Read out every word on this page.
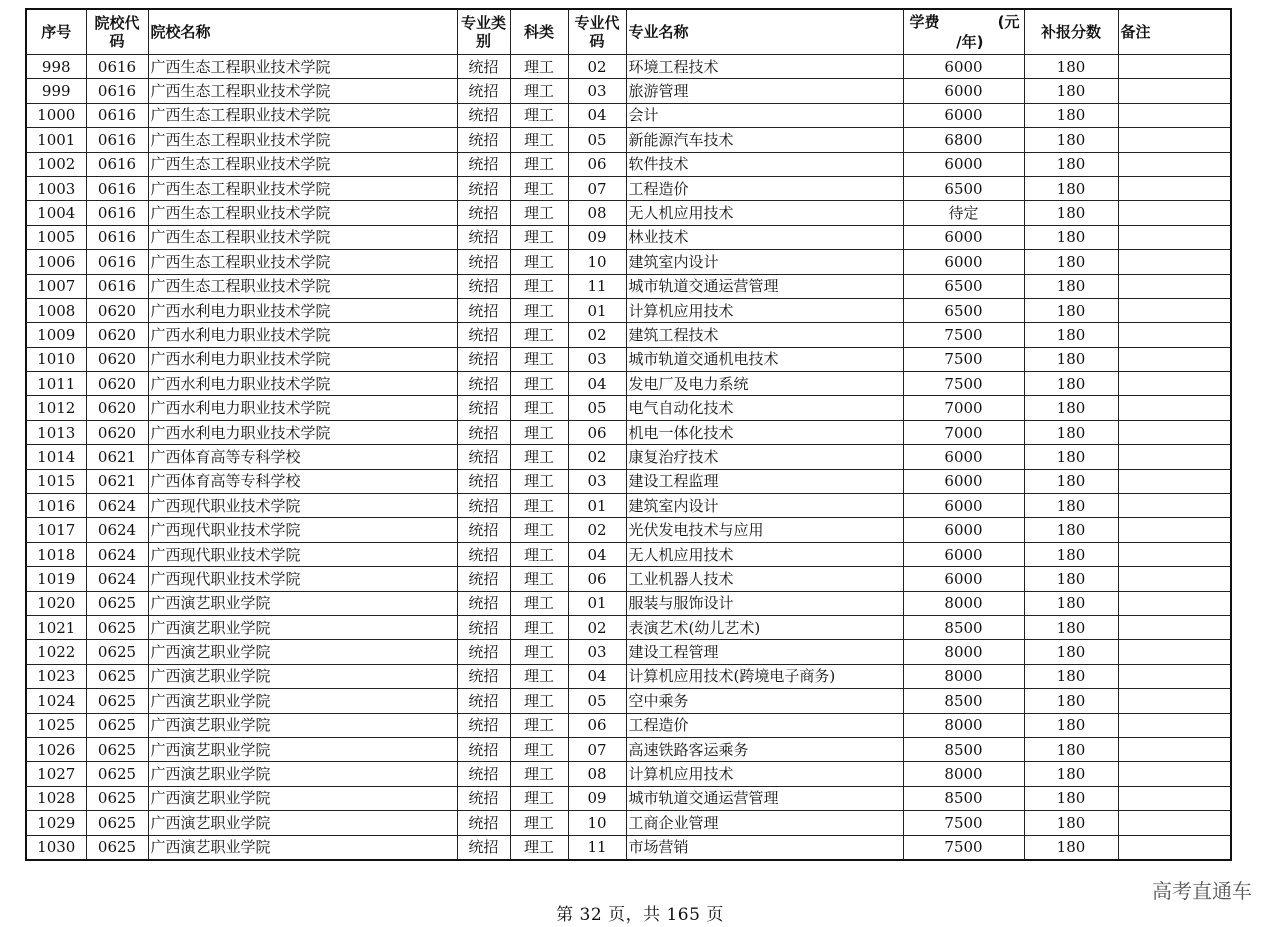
序号	院校代码	院校名称	专业类别	科类	专业代码	专业名称	学费 (元
/年)	补报分数	备注
998	0616	广西生态工程职业技术学院	统招	理工	02	环境工程技术	6000	180	
999	0616	广西生态工程职业技术学院	统招	理工	03	旅游管理	6000	180	
1000	0616	广西生态工程职业技术学院	统招	理工	04	会计	6000	180	
1001	0616	广西生态工程职业技术学院	统招	理工	05	新能源汽车技术	6800	180	
1002	0616	广西生态工程职业技术学院	统招	理工	06	软件技术	6000	180	
1003	0616	广西生态工程职业技术学院	统招	理工	07	工程造价	6500	180	
1004	0616	广西生态工程职业技术学院	统招	理工	08	无人机应用技术	待定	180	
1005	0616	广西生态工程职业技术学院	统招	理工	09	林业技术	6000	180	
1006	0616	广西生态工程职业技术学院	统招	理工	10	建筑室内设计	6000	180	
1007	0616	广西生态工程职业技术学院	统招	理工	11	城市轨道交通运营管理	6500	180	
1008	0620	广西水利电力职业技术学院	统招	理工	01	计算机应用技术	6500	180	
1009	0620	广西水利电力职业技术学院	统招	理工	02	建筑工程技术	7500	180	
1010	0620	广西水利电力职业技术学院	统招	理工	03	城市轨道交通机电技术	7500	180	
1011	0620	广西水利电力职业技术学院	统招	理工	04	发电厂及电力系统	7500	180	
1012	0620	广西水利电力职业技术学院	统招	理工	05	电气自动化技术	7000	180	
1013	0620	广西水利电力职业技术学院	统招	理工	06	机电一体化技术	7000	180	
1014	0621	广西体育高等专科学校	统招	理工	02	康复治疗技术	6000	180	
1015	0621	广西体育高等专科学校	统招	理工	03	建设工程监理	6000	180	
1016	0624	广西现代职业技术学院	统招	理工	01	建筑室内设计	6000	180	
1017	0624	广西现代职业技术学院	统招	理工	02	光伏发电技术与应用	6000	180	
1018	0624	广西现代职业技术学院	统招	理工	04	无人机应用技术	6000	180	
1019	0624	广西现代职业技术学院	统招	理工	06	工业机器人技术	6000	180	
1020	0625	广西演艺职业学院	统招	理工	01	服装与服饰设计	8000	180	
1021	0625	广西演艺职业学院	统招	理工	02	表演艺术(幼儿艺术)	8500	180	
1022	0625	广西演艺职业学院	统招	理工	03	建设工程管理	8000	180	
1023	0625	广西演艺职业学院	统招	理工	04	计算机应用技术(跨境电子商务)	8000	180	
1024	0625	广西演艺职业学院	统招	理工	05	空中乘务	8500	180	
1025	0625	广西演艺职业学院	统招	理工	06	工程造价	8000	180	
1026	0625	广西演艺职业学院	统招	理工	07	高速铁路客运乘务	8500	180	
1027	0625	广西演艺职业学院	统招	理工	08	计算机应用技术	8000	180	
1028	0625	广西演艺职业学院	统招	理工	09	城市轨道交通运营管理	8500	180	
1029	0625	广西演艺职业学院	统招	理工	10	工商企业管理	7500	180	
1030	0625	广西演艺职业学院	统招	理工	11	市场营销	7500	180	
第 32 页，共 165 页
高考直通车
